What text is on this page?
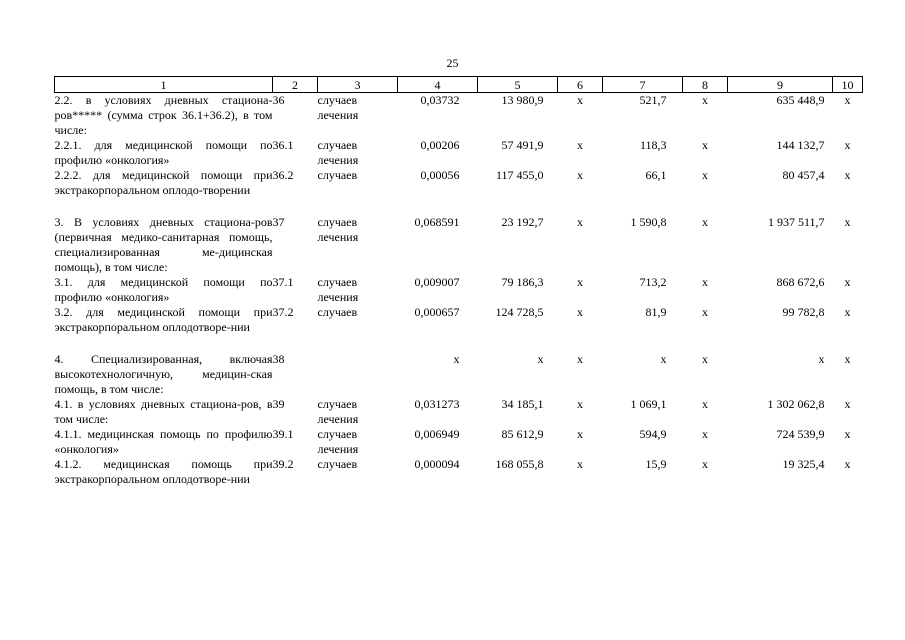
25
1	2	3	4	5	6	7	8	9	10
2.2. в условиях дневных стациона-ров***** (сумма строк 36.1+36.2), в том числе:	36	случаев лечения	0,03732	13 980,9	х	521,7	х	635 448,9	х
2.2.1. для медицинской помощи по профилю «онкология»	36.1	случаев лечения	0,00206	57 491,9	х	118,3	х	144 132,7	х
2.2.2. для медицинской помощи при экстракорпоральном оплодо-творении	36.2	случаев	0,00056	117 455,0	х	66,1	х	80 457,4	х

3. В условиях дневных стациона-ров (первичная медико-санитарная помощь, специализированная ме-дицинская помощь), в том числе:	37	случаев лечения	0,068591	23 192,7	х	1 590,8	х	1 937 511,7	х
3.1. для медицинской помощи по профилю «онкология»	37.1	случаев лечения	0,009007	79 186,3	х	713,2	х	868 672,6	х
3.2. для медицинской помощи при экстракорпоральном оплодотворе-нии	37.2	случаев	0,000657	124 728,5	х	81,9	х	99 782,8	х

4. Специализированная, включая высокотехнологичную, медицин-ская помощь, в том числе:	38		х	х	х	х	х	х	х
4.1. в условиях дневных стациона-ров, в том числе:	39	случаев лечения	0,031273	34 185,1	х	1 069,1	х	1 302 062,8	х
4.1.1. медицинская помощь по профилю «онкология»	39.1	случаев лечения	0,006949	85 612,9	х	594,9	х	724 539,9	х
4.1.2. медицинская помощь при экстракорпоральном оплодотворе-нии	39.2	случаев	0,000094	168 055,8	х	15,9	х	19 325,4	х
